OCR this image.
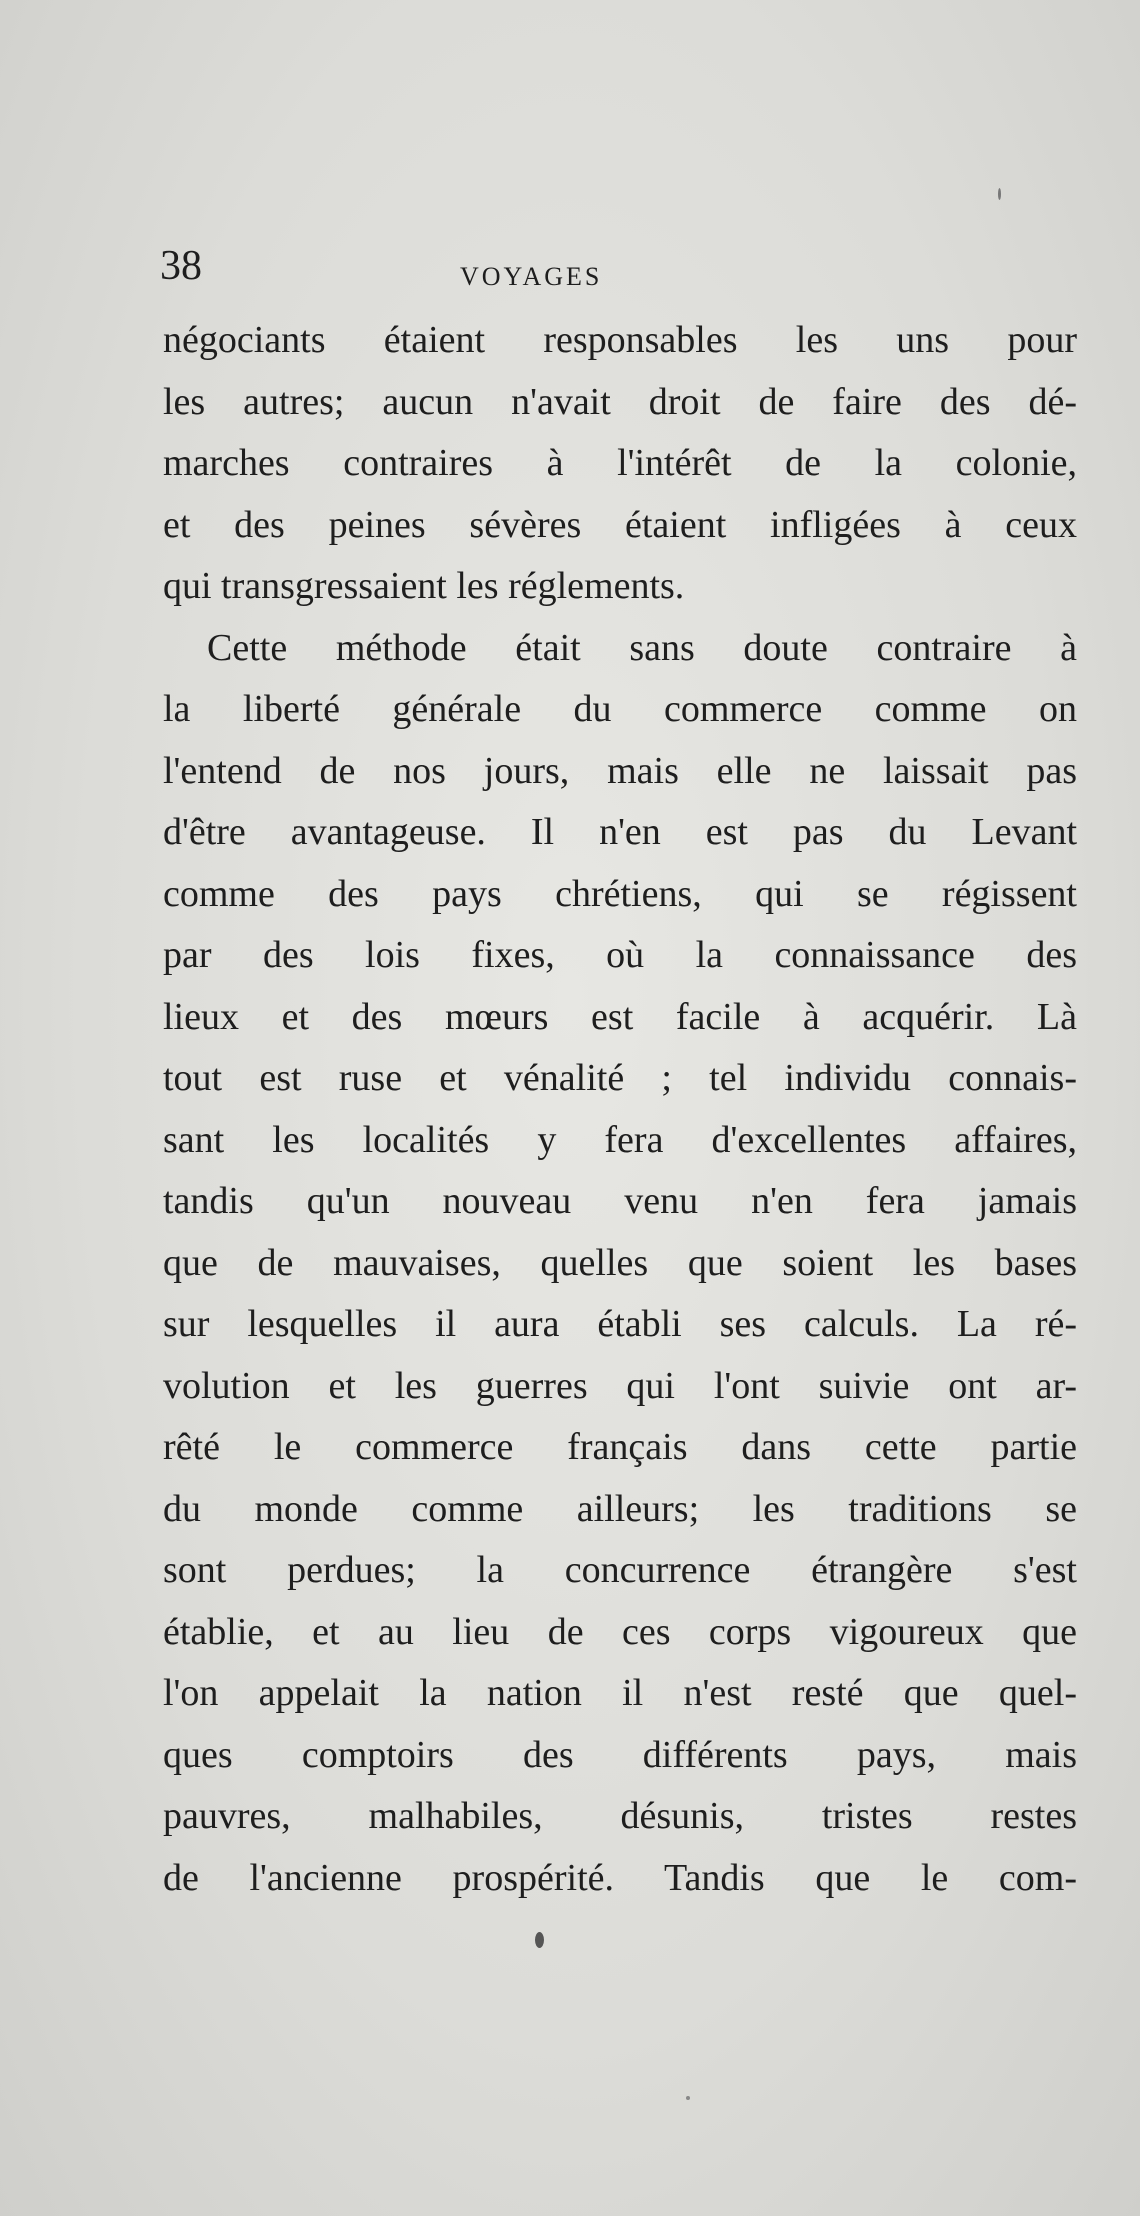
38	VOYAGES
négociants étaient responsables les uns pour
les autres; aucun n'avait droit de faire des dé-
marches contraires à l'intérêt de la colonie,
et des peines sévères étaient infligées à ceux
qui transgressaient les réglements.
Cette méthode était sans doute contraire à
la liberté générale du commerce comme on
l'entend de nos jours, mais elle ne laissait pas
d'être avantageuse. Il n'en est pas du Levant
comme des pays chrétiens, qui se régissent
par des lois fixes, où la connaissance des
lieux et des mœurs est facile à acquérir. Là
tout est ruse et vénalité ; tel individu connais-
sant les localités y fera d'excellentes affaires,
tandis qu'un nouveau venu n'en fera jamais
que de mauvaises, quelles que soient les bases
sur lesquelles il aura établi ses calculs. La ré-
volution et les guerres qui l'ont suivie ont ar-
rêté le commerce français dans cette partie
du monde comme ailleurs; les traditions se
sont perdues; la concurrence étrangère s'est
établie, et au lieu de ces corps vigoureux que
l'on appelait la nation il n'est resté que quel-
ques comptoirs des différents pays, mais
pauvres, malhabiles, désunis, tristes restes
de l'ancienne prospérité. Tandis que le com-
